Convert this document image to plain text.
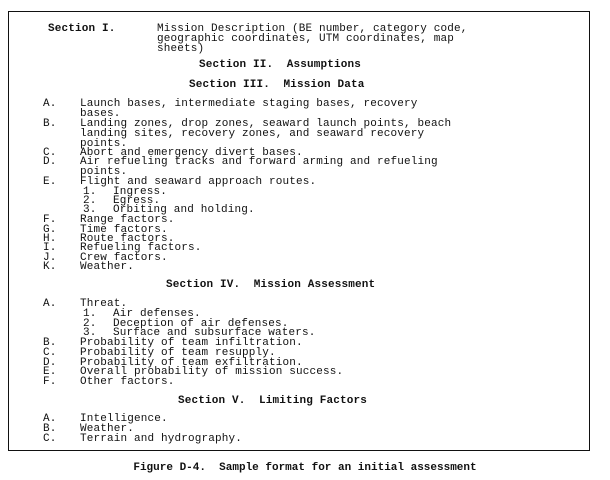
Section I.	Mission Description (BE number, category code,
geographic coordinates, UTM coordinates, map
sheets)
Section II.  Assumptions
Section III.  Mission Data
A. Launch bases, intermediate staging bases, recovery
bases.
B. Landing zones, drop zones, seaward launch points, beach
landing sites, recovery zones, and seaward recovery
points.
C. Abort and emergency divert bases.
D. Air refueling tracks and forward arming and refueling
points.
E. Flight and seaward approach routes.
1. Ingress.
2. Egress.
3. Orbiting and holding.
F. Range factors.
G. Time factors.
H. Route factors.
I. Refueling factors.
J. Crew factors.
K. Weather.
Section IV.  Mission Assessment
A. Threat.
1. Air defenses.
2. Deception of air defenses.
3. Surface and subsurface waters.
B. Probability of team infiltration.
C. Probability of team resupply.
D. Probability of team exfiltration.
E. Overall probability of mission success.
F. Other factors.
Section V.  Limiting Factors
A. Intelligence.
B. Weather.
C. Terrain and hydrography.
Figure D-4.  Sample format for an initial assessment
